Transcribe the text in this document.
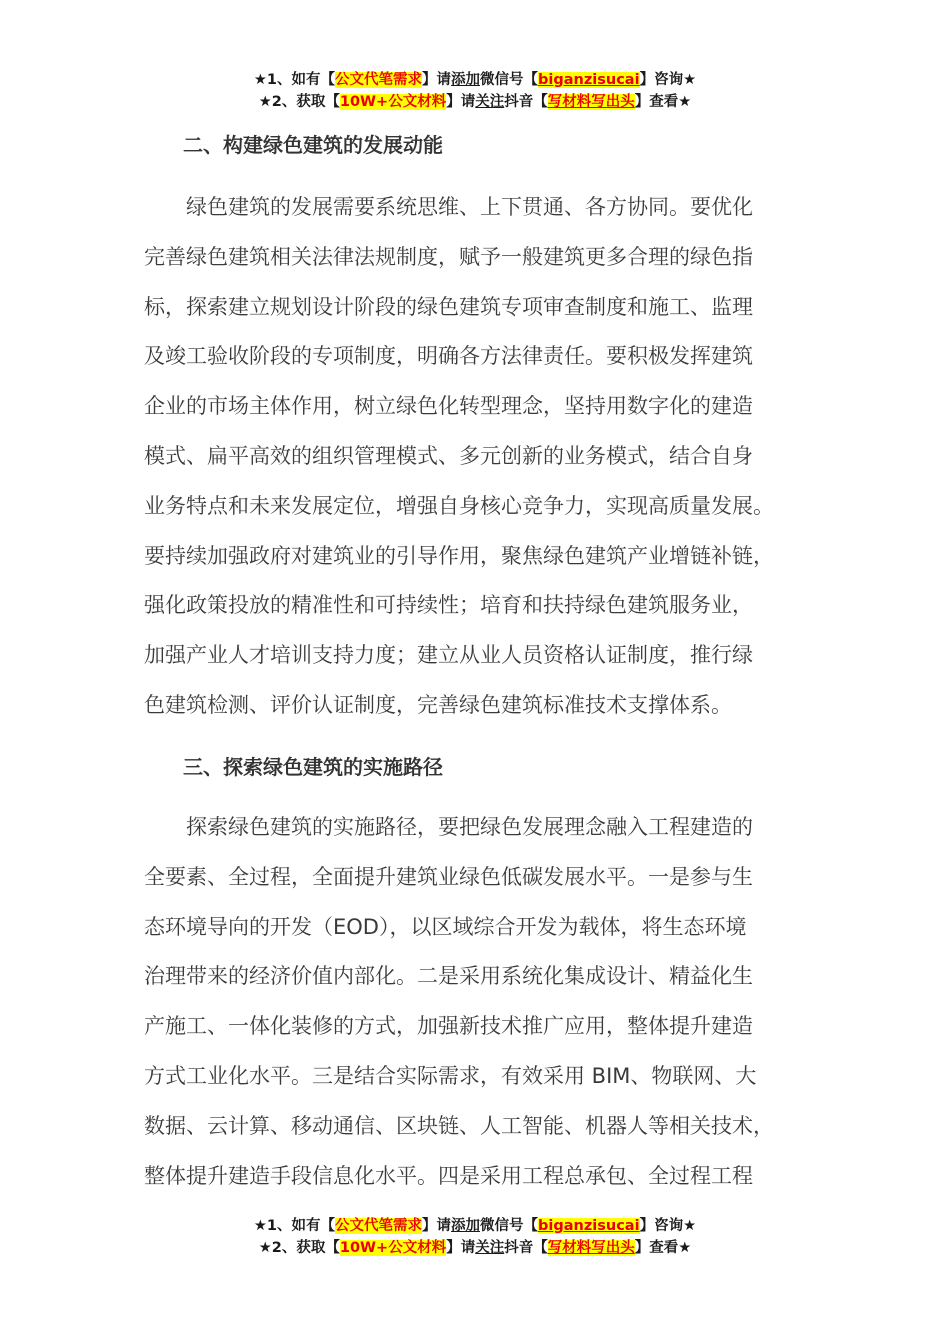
★1、如有【公文代笔需求】请添加微信号【biganzisucai】咨询★
★2、获取【10W+公文材料】请关注抖音【写材料写出头】查看★
二、构建绿色建筑的发展动能
　　绿色建筑的发展需要系统思维、上下贯通、各方协同。要优化
完善绿色建筑相关法律法规制度，赋予一般建筑更多合理的绿色指
标，探索建立规划设计阶段的绿色建筑专项审查制度和施工、监理
及竣工验收阶段的专项制度，明确各方法律责任。要积极发挥建筑
企业的市场主体作用，树立绿色化转型理念，坚持用数字化的建造
模式、扁平高效的组织管理模式、多元创新的业务模式，结合自身
业务特点和未来发展定位，增强自身核心竞争力，实现高质量发展。
要持续加强政府对建筑业的引导作用，聚焦绿色建筑产业增链补链，
强化政策投放的精准性和可持续性；培育和扶持绿色建筑服务业，
加强产业人才培训支持力度；建立从业人员资格认证制度，推行绿
色建筑检测、评价认证制度，完善绿色建筑标准技术支撑体系。
三、探索绿色建筑的实施路径
　　探索绿色建筑的实施路径，要把绿色发展理念融入工程建造的
全要素、全过程，全面提升建筑业绿色低碳发展水平。一是参与生
态环境导向的开发（EOD），以区域综合开发为载体，将生态环境
治理带来的经济价值内部化。二是采用系统化集成设计、精益化生
产施工、一体化装修的方式，加强新技术推广应用，整体提升建造
方式工业化水平。三是结合实际需求，有效采用 BIM、物联网、大
数据、云计算、移动通信、区块链、人工智能、机器人等相关技术，
整体提升建造手段信息化水平。四是采用工程总承包、全过程工程
★1、如有【公文代笔需求】请添加微信号【biganzisucai】咨询★
★2、获取【10W+公文材料】请关注抖音【写材料写出头】查看★
